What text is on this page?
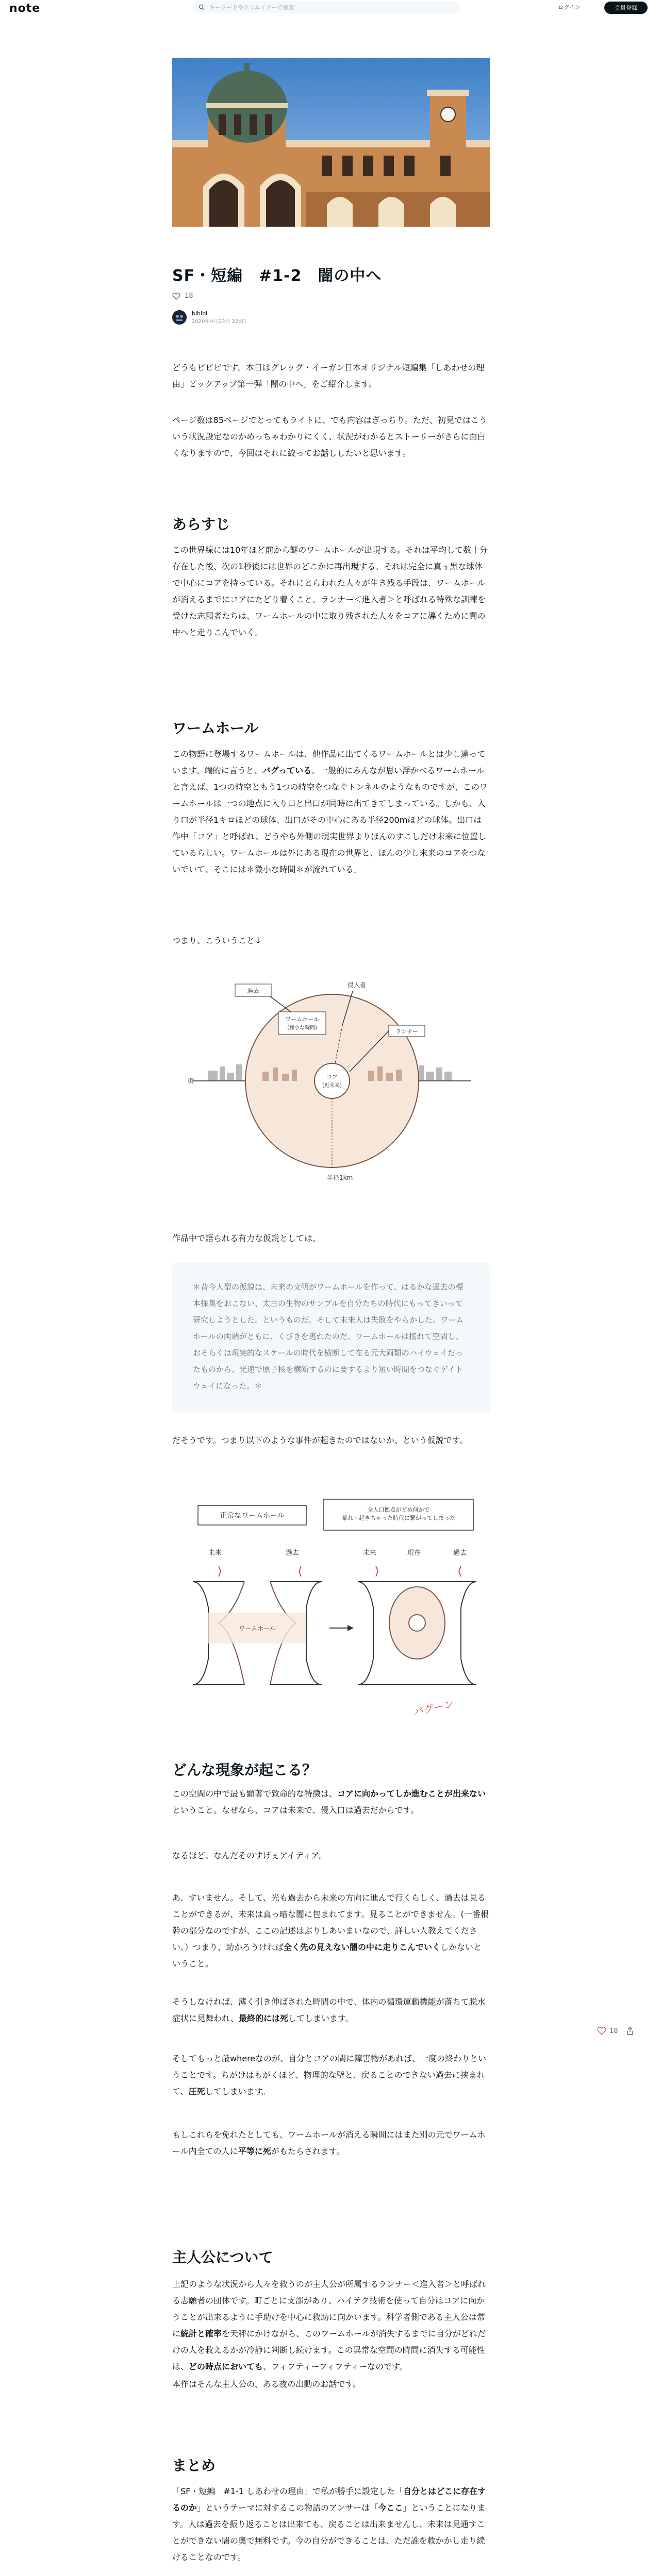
note	キーワードやクリエイターで検索	ログイン	会員登録
SF・短編　#1-2　闇の中へ
18
bibibi
2020年4月23日 22:01

どうもビビビです。本日はグレッグ・イーガン日本オリジナル短編集「しあわせの理由」ピックアップ第一弾「闇の中へ」をご紹介します。

ページ数は85ページでとってもライトに、でも内容はぎっちり。ただ、初見ではこういう状況設定なのかめっちゃわかりにくく、状況がわかるとストーリーがさらに面白くなりますので、今回はそれに絞ってお話ししたいと思います。

あらすじ

この世界線には10年ほど前から謎のワームホールが出現する。それは平均して数十分存在した後、次の1秒後には世界のどこかに再出現する。それは完全に真ぅ黒な球体で中心にコアを持っている。それにとらわれた人々が生き残る手段は、ワームホールが消えるまでにコアにたどり着くこと。ランナー＜進入者＞と呼ばれる特殊な訓練を受けた志願者たちは、ワームホールの中に取り残された人々をコアに導くために闇の中へと走りこんでいく。

ワームホール

この物語に登場するワームホールは、他作品に出てくるワームホールとは少し違っています。端的に言うと、バグっている。一般的にみんなが思い浮かべるワームホールと言えば、1つの時空ともう1つの時空をつなぐトンネルのようなものですが、このワームホールは一つの地点に入り口と出口が同時に出てきてしまっている。しかも、入り口が半径1キロほどの球体、出口がその中心にある半径200mほどの球体。出口は作中「コア」と呼ばれ、どうやら外側の現実世界よりほんのすこしだけ未来に位置しているらしい。ワームホールは外にある現在の世界と、ほんの少し未来のコアをつないでいて、そこには＊微小な時間＊が流れている。

つまり、こういうこと↓

コア
(近未来)
過去
侵入者
ワームホール
(極小な時間)
ランナー
街
半径1km

作品中で語られる有力な仮説としては、

＊昔今人型の仮説は、未来の文明がワームホールを作って、はるかな過去の標本採集をおこない、太古の生物のサンプルを自分たちの時代にもってきいって研究しようとした。というものだ。そして未来人は失敗をやらかした。ワームホールの両端がともに、くびきを逃れたのだ。ワームホールは搖れて空間し、おそらくは現実的なスケールの時代を横断して在る元大両類のハイウェイだったものから、光速で原子核を横断するのに要するより短い時間をつなぐゲイトウェイになった。＊

だそうです。つまり以下のような事件が起きたのではないか、という仮説です。

正常なワームホール
全人口拠点がどめ何かで暴れ・起きちゃった時代に繋がってしまった
未来	過去
ワームホール
未来	現在	過去
バグーン
どんな現象が起こる？

この空間の中で最も顕著で致命的な特徴は、コアに向かってしか進むことが出来ないということ。なぜなら、コアは未来で、侵入口は過去だからです。

なるほど、なんだそのすげぇアイディア。

あ、すいません。そして、光も過去から未来の方向に進んで行くらしく、過去は見ることができるが、未来は真っ暗な闇に包まれてます。見ることができません。(一番根幹の部分なのですが、ここの記述はぶりしあいまいなので、詳しい人教えてください。）つまり、助かろうければ全く先の見えない闇の中に走りこんでいくしかないということ。

そうしなければ、薄く引き伸ばされた時間の中で、体内の循環運動機能が落ちて脱水症状に見舞われ、最終的には死してしまいます。

そしてもっと厳whereなのが、自分とコアの間に障害物があれば、一度の終わりということです。ちがけはもがくほど、物理的な壁と、戻ることのできない過去に挟まれて、圧死してしまいます。

もしこれらを免れたとしても、ワームホールが消える瞬間にはまた別の元でワームホール内全ての人に平等に死がもたらされます。

18
主人公について

上記のような状況から人々を救うのが主人公が所属するランナー＜進入者＞と呼ばれる志願者の団体です。町ごとに支部があり、ハイテク技術を使って自分はコアに向かうことが出来るように手助けを中心に救助に向かいます。科学者側である主人公は常に統計と確率を天秤にかけながら、このワームホールが消失するまでに自分がどれだけの人を救えるかが冷静に判断し続けます。この異常な空間の時間に消失する可能性は、どの時点においても、フィフティーフィフティーなのです。

本作はそんな主人公の、ある夜の出動のお話です。

まとめ

「SF・短編　#1-1 しあわせの理由」で私が勝手に設定した「自分とはどこに存在するのか」というテーマに対するこの物語のアンサーは「今ここ」ということになります。人は過去を振り返ることは出来ても、戻ることは出来ませんし、未来は見通すことができない闇の奥で無料です。今の自分ができることは、ただ誰を救かかし走り続けることなのです。
